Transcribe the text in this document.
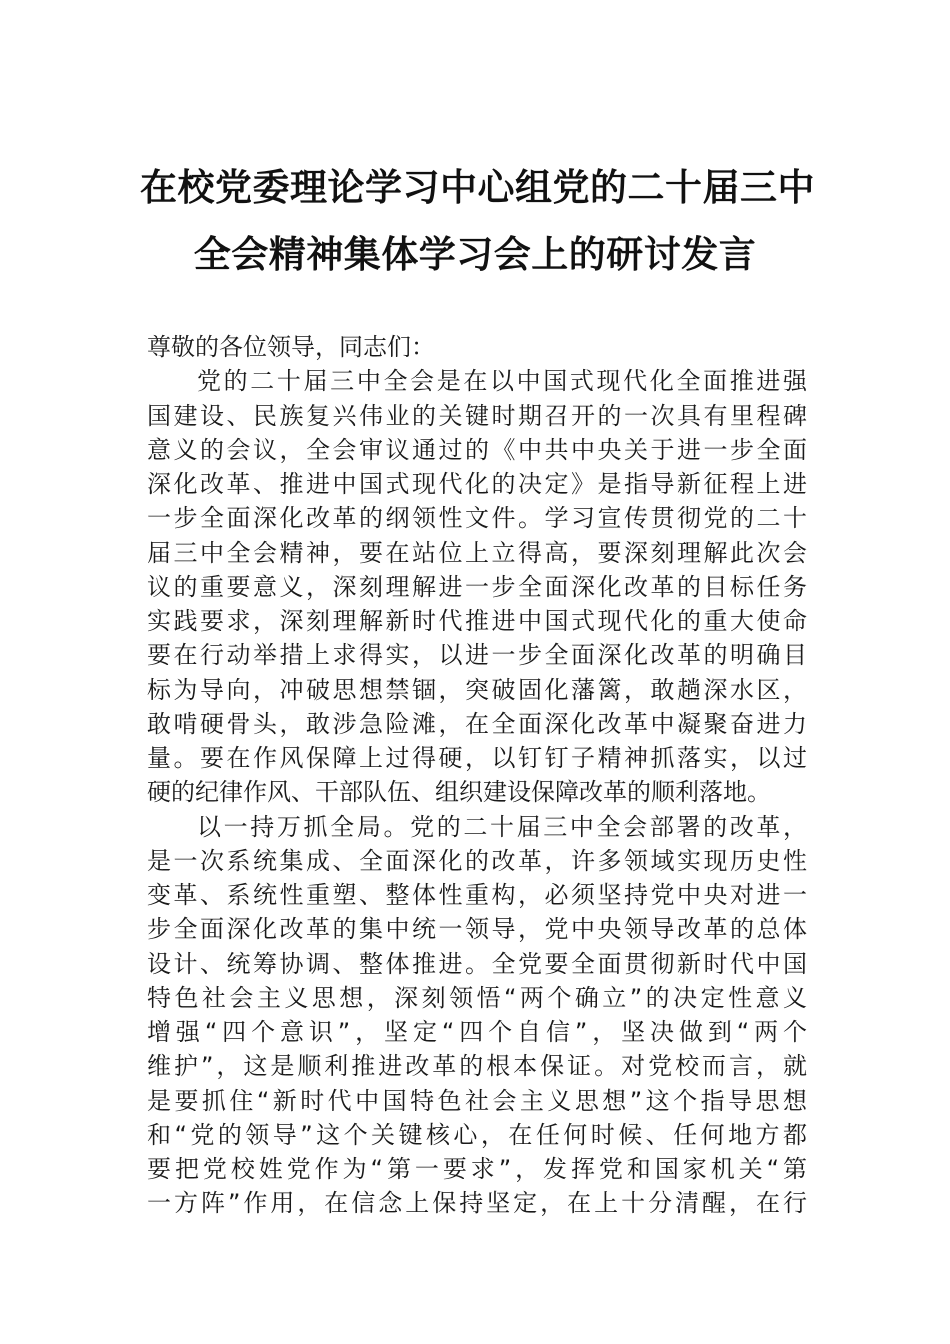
在校党委理论学习中心组党的二十届三中
全会精神集体学习会上的研讨发言
尊敬的各位领导，同志们：
党的二十届三中全会是在以中国式现代化全面推进强
国建设、民族复兴伟业的关键时期召开的一次具有里程碑
意义的会议，全会审议通过的《中共中央关于进一步全面
深化改革、推进中国式现代化的决定》是指导新征程上进
一步全面深化改革的纲领性文件。学习宣传贯彻党的二十
届三中全会精神，要在站位上立得高，要深刻理解此次会
议的重要意义，深刻理解进一步全面深化改革的目标任务
实践要求，深刻理解新时代推进中国式现代化的重大使命
要在行动举措上求得实，以进一步全面深化改革的明确目
标为导向，冲破思想禁锢，突破固化藩篱，敢趟深水区，
敢啃硬骨头，敢涉急险滩，在全面深化改革中凝聚奋进力
量。要在作风保障上过得硬，以钉钉子精神抓落实，以过
硬的纪律作风、干部队伍、组织建设保障改革的顺利落地。
以一持万抓全局。党的二十届三中全会部署的改革，
是一次系统集成、全面深化的改革，许多领域实现历史性
变革、系统性重塑、整体性重构，必须坚持党中央对进一
步全面深化改革的集中统一领导，党中央领导改革的总体
设计、统筹协调、整体推进。全党要全面贯彻新时代中国
特色社会主义思想，深刻领悟“两个确立”的决定性意义
增强“四个意识”，坚定“四个自信”，坚决做到“两个
维护”，这是顺利推进改革的根本保证。对党校而言，就
是要抓住“新时代中国特色社会主义思想”这个指导思想
和“党的领导”这个关键核心，在任何时候、任何地方都
要把党校姓党作为“第一要求”，发挥党和国家机关“第
一方阵”作用，在信念上保持坚定，在上十分清醒，在行
